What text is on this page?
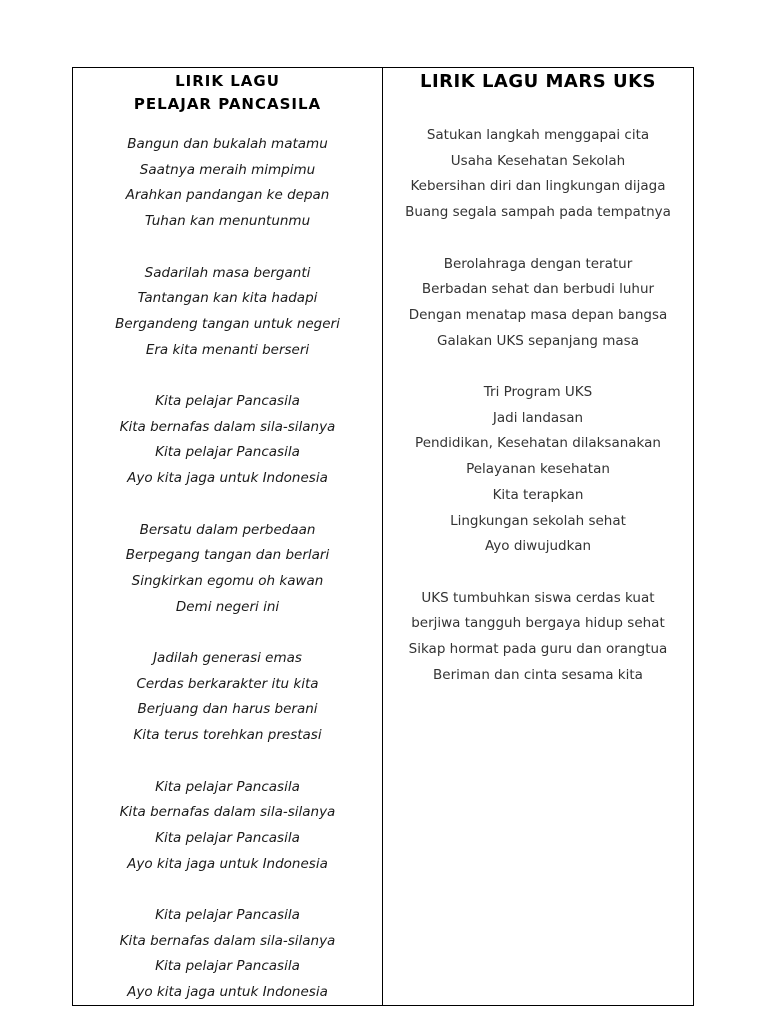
LIRIK LAGU
PELAJAR PANCASILA
Bangun dan bukalah matamu
Saatnya meraih mimpimu
Arahkan pandangan ke depan
Tuhan kan menuntunmu
Sadarilah masa berganti
Tantangan kan kita hadapi
Bergandeng tangan untuk negeri
Era kita menanti berseri
Kita pelajar Pancasila
Kita bernafas dalam sila-silanya
Kita pelajar Pancasila
Ayo kita jaga untuk Indonesia
Bersatu dalam perbedaan
Berpegang tangan dan berlari
Singkirkan egomu oh kawan
Demi negeri ini
Jadilah generasi emas
Cerdas berkarakter itu kita
Berjuang dan harus berani
Kita terus torehkan prestasi
Kita pelajar Pancasila
Kita bernafas dalam sila-silanya
Kita pelajar Pancasila
Ayo kita jaga untuk Indonesia
Kita pelajar Pancasila
Kita bernafas dalam sila-silanya
Kita pelajar Pancasila
Ayo kita jaga untuk Indonesia
LIRIK LAGU MARS UKS
Satukan langkah menggapai cita
Usaha Kesehatan Sekolah
Kebersihan diri dan lingkungan dijaga
Buang segala sampah pada tempatnya
Berolahraga dengan teratur
Berbadan sehat dan berbudi luhur
Dengan menatap masa depan bangsa
Galakan UKS sepanjang masa
Tri Program UKS
Jadi landasan
Pendidikan, Kesehatan dilaksanakan
Pelayanan kesehatan
Kita terapkan
Lingkungan sekolah sehat
Ayo diwujudkan
UKS tumbuhkan siswa cerdas kuat
berjiwa tangguh bergaya hidup sehat
Sikap hormat pada guru dan orangtua
Beriman dan cinta sesama kita
